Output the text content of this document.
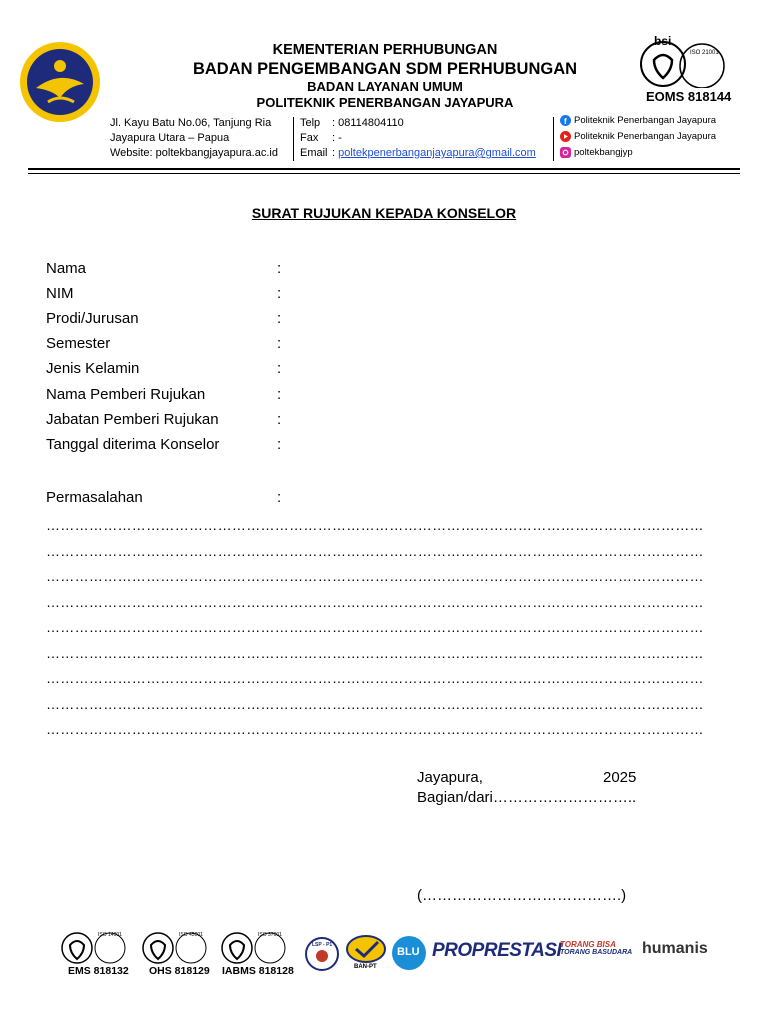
KEMENTERIAN PERHUBUNGAN
BADAN PENGEMBANGAN SDM PERHUBUNGAN
BADAN LAYANAN UMUM
POLITEKNIK PENERBANGAN JAYAPURA
bsi
ISO 21001
EOMS 818144
Jl. Kayu Batu No.06, Tanjung Ria
Jayapura Utara – Papua
Website: poltekbangjayapura.ac.id
Telp : 08114804110
Fax : -
Email : poltekpenerbanganjayapura@gmail.com
f Politeknik Penerbangan Jayapura
Politeknik Penerbangan Jayapura
poltekbangjyp
SURAT RUJUKAN KEPADA KONSELOR
Nama	:
NIM	:
Prodi/Jurusan	:
Semester	:
Jenis Kelamin	:
Nama Pemberi Rujukan	:
Jabatan Pemberi Rujukan	:
Tanggal diterima Konselor	:
Permasalahan	:
…………………………………………………………………………………………………………………………
…………………………………………………………………………………………………………………………
…………………………………………………………………………………………………………………………
…………………………………………………………………………………………………………………………
…………………………………………………………………………………………………………………………
…………………………………………………………………………………………………………………………
…………………………………………………………………………………………………………………………
…………………………………………………………………………………………………………………………
…………………………………………………………………………………………………………………………
Jayapura,	2025
Bagian/dari………………………..
(………………………………….)
ISO 14001
EMS 818132
ISO 45001
OHS 818129
ISO 37001
IABMS 818128
LSP - P1
BAN-PT
BLU PROPRESTASI
TORANG BISA
TORANG BASUDARA humanis
